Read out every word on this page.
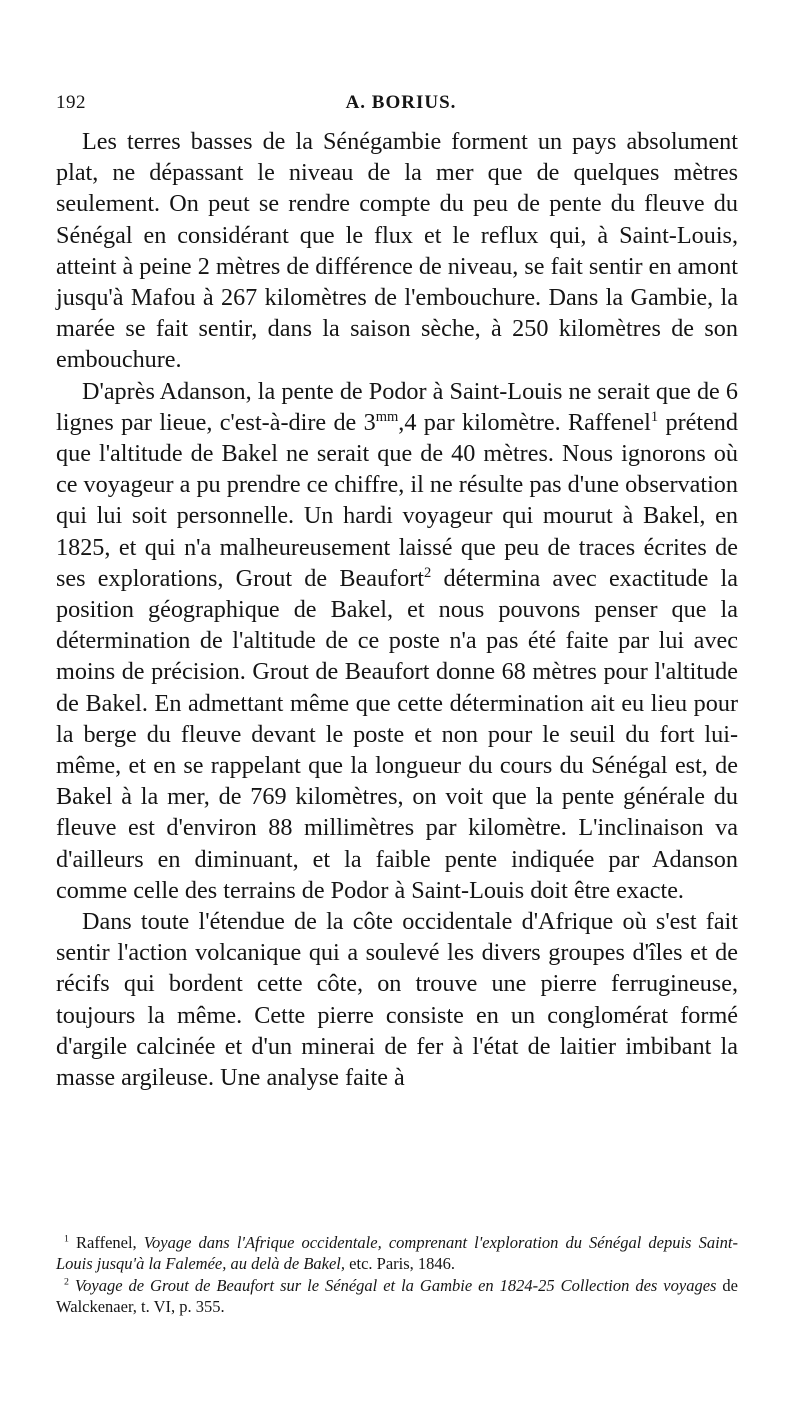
192	A. BORIUS.

Les terres basses de la Sénégambie forment un pays absolument plat, ne dépassant le niveau de la mer que de quelques mètres seulement. On peut se rendre compte du peu de pente du fleuve du Sénégal en considérant que le flux et le reflux qui, à Saint-Louis, atteint à peine 2 mètres de différence de niveau, se fait sentir en amont jusqu'à Mafou à 267 kilomètres de l'embouchure. Dans la Gambie, la marée se fait sentir, dans la saison sèche, à 250 kilomètres de son embouchure.

D'après Adanson, la pente de Podor à Saint-Louis ne serait que de 6 lignes par lieue, c'est-à-dire de $3^{mm},4$ par kilomètre. Raffenel$^1$ prétend que l'altitude de Bakel ne serait que de 40 mètres. Nous ignorons où ce voyageur a pu prendre ce chiffre, il ne résulte pas d'une observation qui lui soit personnelle. Un hardi voyageur qui mourut à Bakel, en 1825, et qui n'a malheureusement laissé que peu de traces écrites de ses explorations, Grout de Beaufort$^2$ détermina avec exactitude la position géographique de Bakel, et nous pouvons penser que la détermination de l'altitude de ce poste n'a pas été faite par lui avec moins de précision. Grout de Beaufort donne 68 mètres pour l'altitude de Bakel. En admettant même que cette détermination ait eu lieu pour la berge du fleuve devant le poste et non pour le seuil du fort lui-même, et en se rappelant que la longueur du cours du Sénégal est, de Bakel à la mer, de 769 kilomètres, on voit que la pente générale du fleuve est d'environ 88 millimètres par kilomètre. L'inclinaison va d'ailleurs en diminuant, et la faible pente indiquée par Adanson comme celle des terrains de Podor à Saint-Louis doit être exacte.

Dans toute l'étendue de la côte occidentale d'Afrique où s'est fait sentir l'action volcanique qui a soulevé les divers groupes d'îles et de récifs qui bordent cette côte, on trouve une pierre ferrugineuse, toujours la même. Cette pierre consiste en un conglomérat formé d'argile calcinée et d'un minerai de fer à l'état de laitier imbibant la masse argileuse. Une analyse faite à

$^1$ Raffenel, Voyage dans l'Afrique occidentale, comprenant l'exploration du Sénégal depuis Saint-Louis jusqu'à la Falemée, au delà de Bakel, etc. Paris, 1846.

$^2$ Voyage de Grout de Beaufort sur le Sénégal et la Gambie en 1824-25 Collection des voyages de Walckenaer, t. VI, p. 355.
